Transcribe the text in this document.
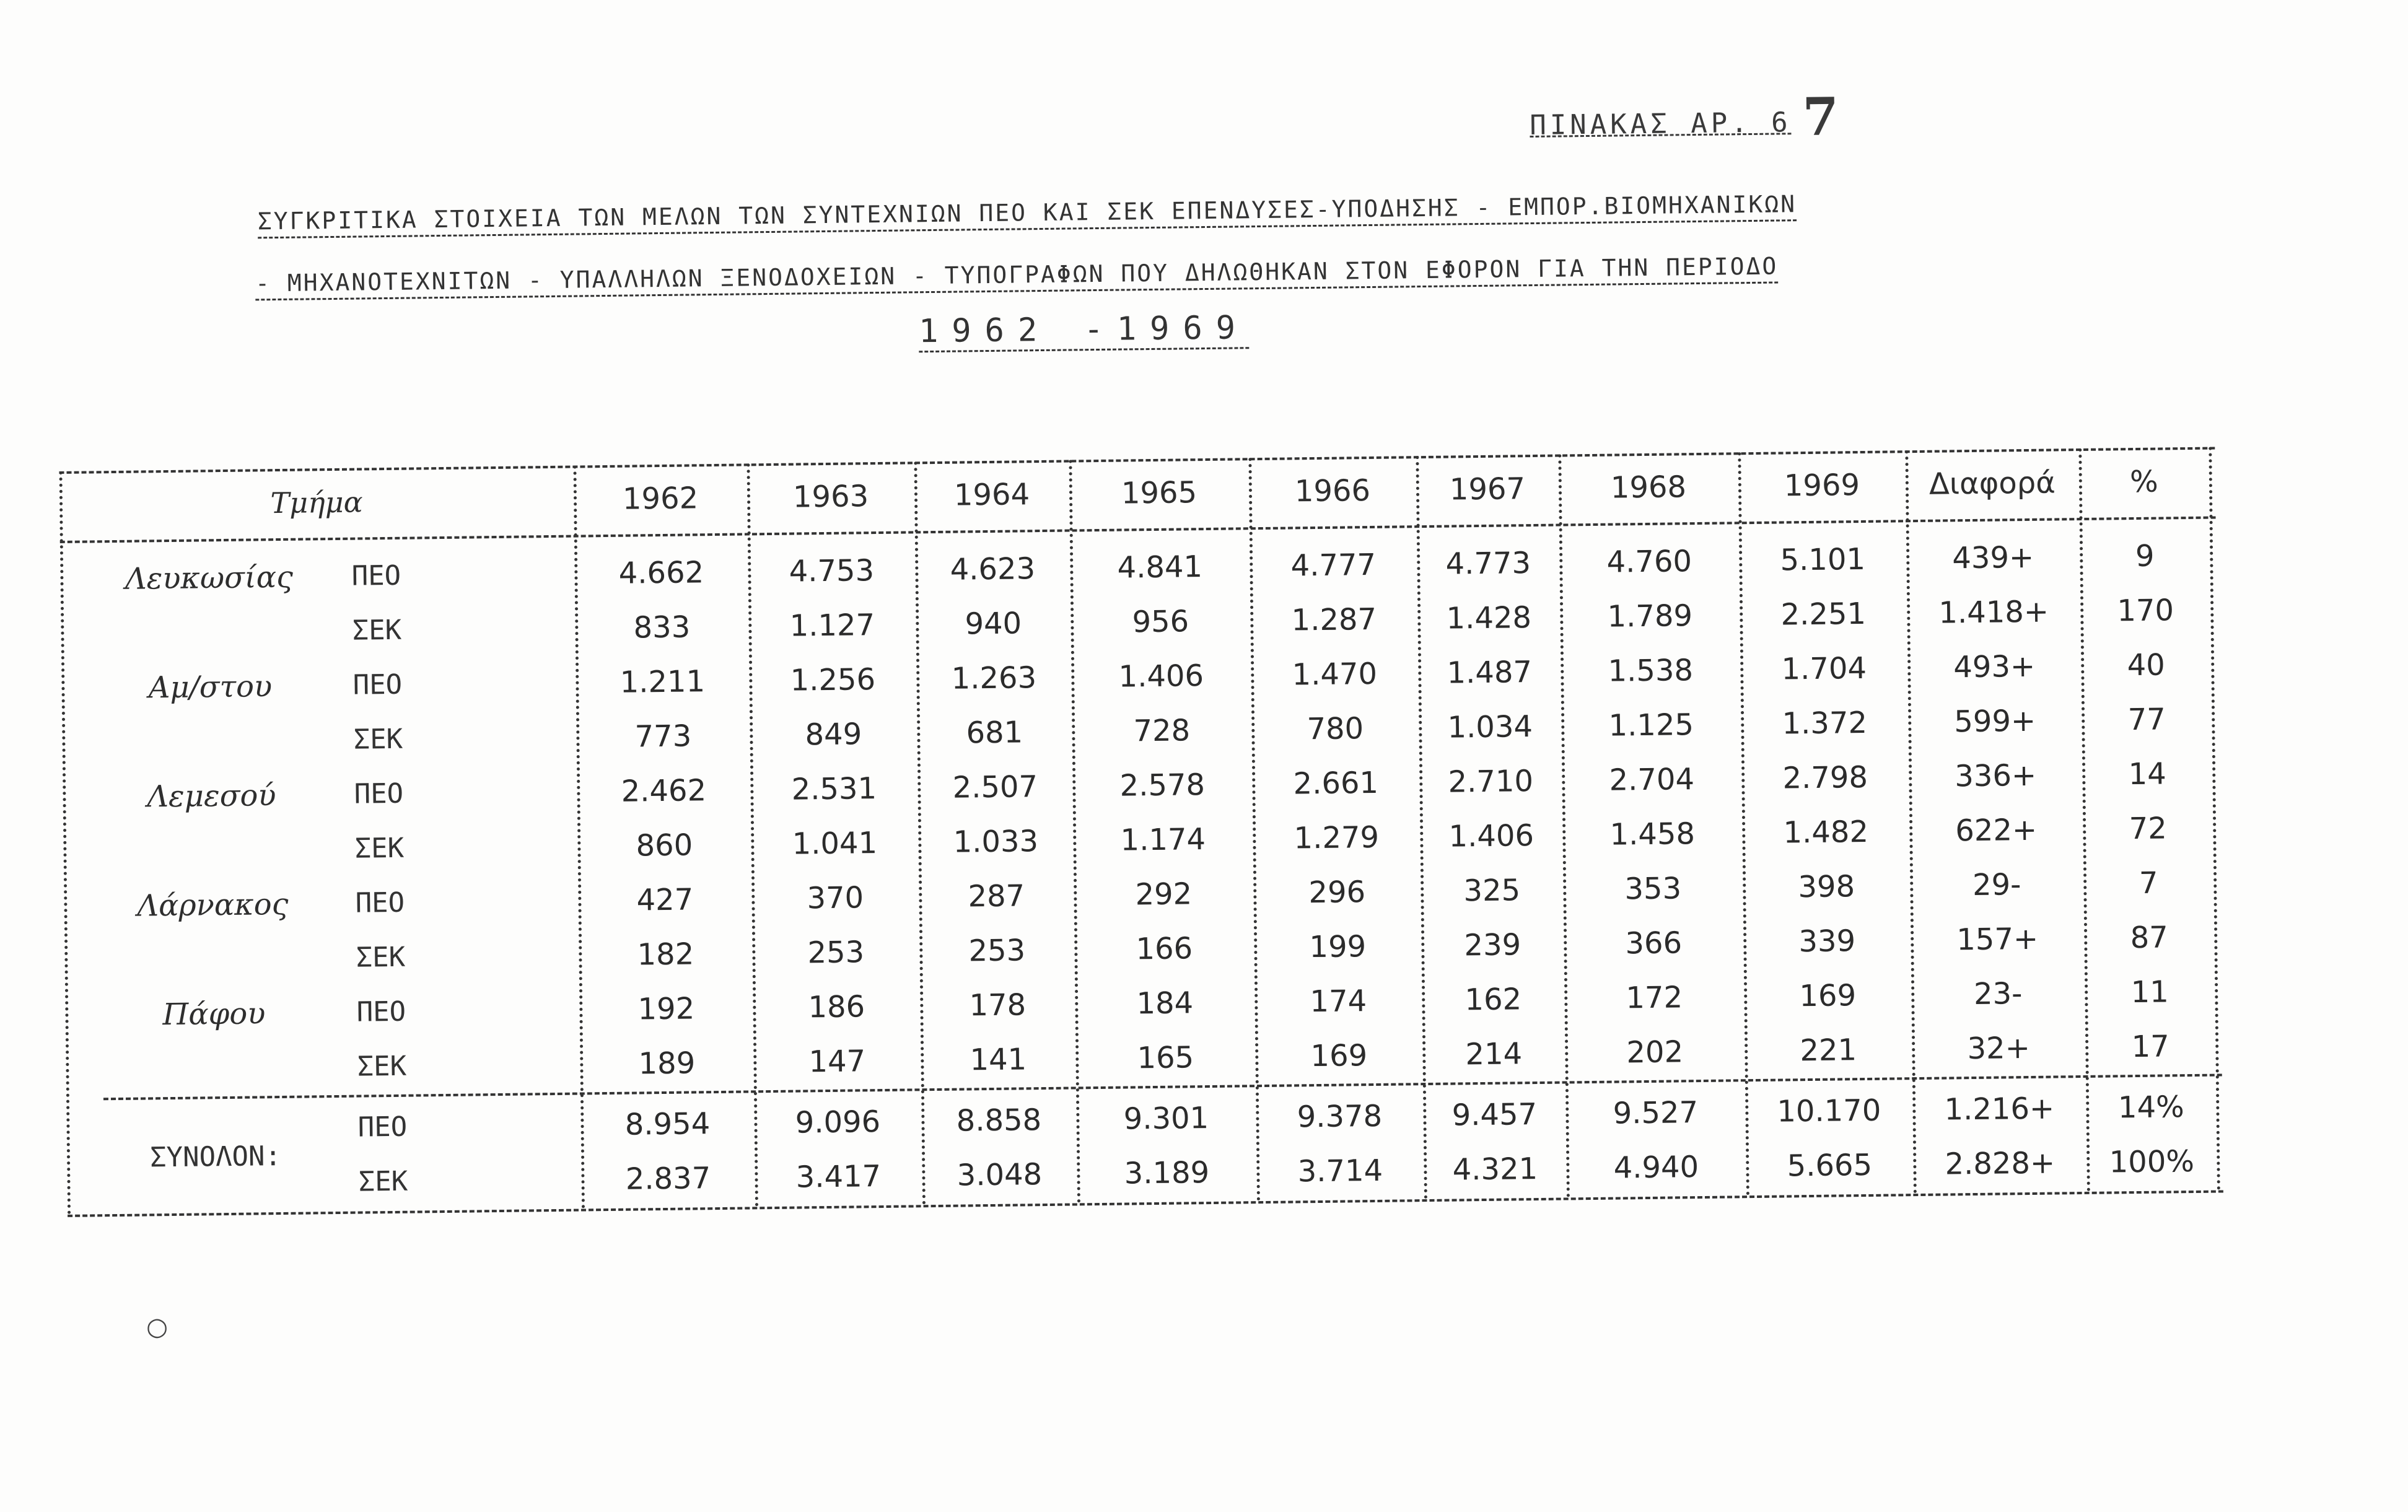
ΠΙΝΑΚΑΣ ΑΡ. 6 7
ΣΥΓΚΡΙΤΙΚΑ ΣΤΟΙΧΕΙΑ ΤΩΝ ΜΕΛΩΝ ΤΩΝ ΣΥΝΤΕΧΝΙΩΝ ΠΕΟ ΚΑΙ ΣΕΚ ΕΠΕΝΔΥΣΕΣ-ΥΠΟΔΗΣΗΣ - ΕΜΠΟΡ.ΒΙΟΜΗΧΑΝΙΚΩΝ
- ΜΗΧΑΝΟΤΕΧΝΙΤΩΝ - ΥΠΑΛΛΗΛΩΝ ΞΕΝΟΔΟΧΕΙΩΝ - ΤΥΠΟΓΡΑΦΩΝ ΠΟΥ ΔΗΛΩΘΗΚΑΝ ΣΤΟΝ ΕΦΟΡΟΝ ΓΙΑ ΤΗΝ ΠΕΡΙΟΔΟ
1962 -1969
Τμήμα	1962	1963	1964	1965	1966	1967	1968	1969	Διαφορά	%
Λευκωσίας	ΠΕΟ	4.662	4.753	4.623	4.841	4.777	4.773	4.760	5.101	439+	9
ΣΕΚ	833	1.127	940	956	1.287	1.428	1.789	2.251	1.418+	170
Αμ/στου	ΠΕΟ	1.211	1.256	1.263	1.406	1.470	1.487	1.538	1.704	493+	40
ΣΕΚ	773	849	681	728	780	1.034	1.125	1.372	599+	77
Λεμεσού	ΠΕΟ	2.462	2.531	2.507	2.578	2.661	2.710	2.704	2.798	336+	14
ΣΕΚ	860	1.041	1.033	1.174	1.279	1.406	1.458	1.482	622+	72
Λάρνακος	ΠΕΟ	427	370	287	292	296	325	353	398	29-	7
ΣΕΚ	182	253	253	166	199	239	366	339	157+	87
Πάφου	ΠΕΟ	192	186	178	184	174	162	172	169	23-	11
ΣΕΚ	189	147	141	165	169	214	202	221	32+	17
ΣΥΝΟΛΟΝ:
ΠΕΟ	8.954	9.096	8.858	9.301	9.378	9.457	9.527	10.170	1.216+	14%
ΣΕΚ	2.837	3.417	3.048	3.189	3.714	4.321	4.940	5.665	2.828+	100%
○
